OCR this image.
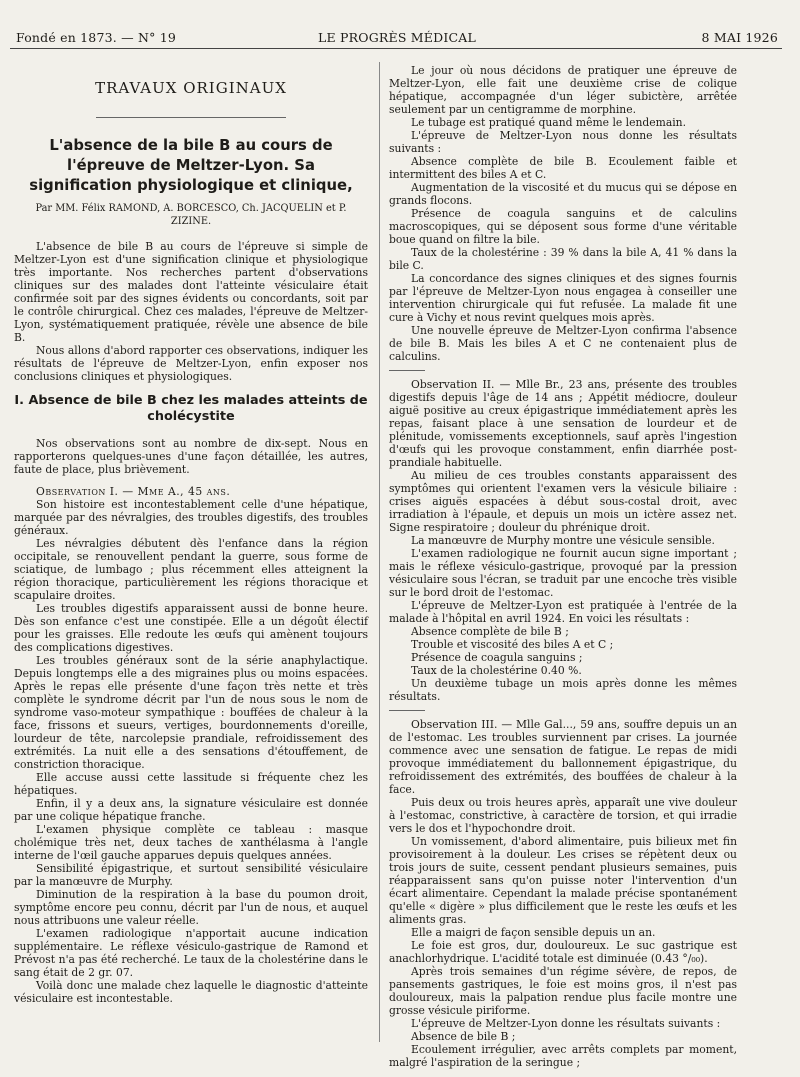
Fondé en 1873. — N° 19	LE PROGRÈS MÉDICAL	8 MAI 1926
TRAVAUX ORIGINAUX
L'absence de la bile B au cours de l'épreuve de Meltzer-Lyon. Sa signification physiologique et clinique,
Par MM. Félix RAMOND, A. BORCESCO, Ch. JACQUELIN et P. ZIZINE.

L'absence de bile B au cours de l'épreuve si simple de Meltzer-Lyon est d'une signification clinique et physiologique très importante. Nos recherches partent d'observations cliniques sur des malades dont l'atteinte vésiculaire était confirmée soit par des signes évidents ou concordants, soit par le contrôle chirurgical. Chez ces malades, l'épreuve de Meltzer-Lyon, systématiquement pratiquée, révèle une absence de bile B.

Nous allons d'abord rapporter ces observations, indiquer les résultats de l'épreuve de Meltzer-Lyon, enfin exposer nos conclusions cliniques et physiologiques.

I. Absence de bile B chez les malades atteints de cholécystite

Nos observations sont au nombre de dix-sept. Nous en rapporterons quelques-unes d'une façon détaillée, les autres, faute de place, plus brièvement.

Observation I. — Mme A., 45 ans.

Son histoire est incontestablement celle d'une hépatique, marquée par des névralgies, des troubles digestifs, des troubles généraux.

Les névralgies débutent dès l'enfance dans la région occipitale, se renouvellent pendant la guerre, sous forme de sciatique, de lumbago ; plus récemment elles atteignent la région thoracique, particulièrement les régions thoracique et scapulaire droites.

Les troubles digestifs apparaissent aussi de bonne heure. Dès son enfance c'est une constipée. Elle a un dégoût électif pour les graisses. Elle redoute les œufs qui amènent toujours des complications digestives.

Les troubles généraux sont de la série anaphylactique. Depuis longtemps elle a des migraines plus ou moins espacées. Après le repas elle présente d'une façon très nette et très complète le syndrome décrit par l'un de nous sous le nom de syndrome vaso-moteur sympathique : bouffées de chaleur à la face, frissons et sueurs, vertiges, bourdonnements d'oreille, lourdeur de tête, narcolepsie prandiale, refroidissement des extrémités. La nuit elle a des sensations d'étouffement, de constriction thoracique.

Elle accuse aussi cette lassitude si fréquente chez les hépatiques.

Enfin, il y a deux ans, la signature vésiculaire est donnée par une colique hépatique franche.

L'examen physique complète ce tableau : masque cholémique très net, deux taches de xanthélasma à l'angle interne de l'œil gauche apparues depuis quelques années.

Sensibilité épigastrique, et surtout sensibilité vésiculaire par la manœuvre de Murphy.

Diminution de la respiration à la base du poumon droit, symptôme encore peu connu, décrit par l'un de nous, et auquel nous attribuons une valeur réelle.

L'examen radiologique n'apportait aucune indication supplémentaire. Le réflexe vésiculo-gastrique de Ramond et Prévost n'a pas été recherché. Le taux de la cholestérine dans le sang était de 2 gr. 07.

Voilà donc une malade chez laquelle le diagnostic d'atteinte vésiculaire est incontestable.

Le jour où nous décidons de pratiquer une épreuve de Meltzer-Lyon, elle fait une deuxième crise de colique hépatique, accompagnée d'un léger subictère, arrêtée seulement par un centigramme de morphine.

Le tubage est pratiqué quand même le lendemain.

L'épreuve de Meltzer-Lyon nous donne les résultats suivants :

Absence complète de bile B. Ecoulement faible et intermittent des biles A et C.

Augmentation de la viscosité et du mucus qui se dépose en grands flocons.

Présence de coagula sanguins et de calculins macroscopiques, qui se déposent sous forme d'une véritable boue quand on filtre la bile.

Taux de la cholestérine : 39 % dans la bile A, 41 % dans la bile C.

La concordance des signes cliniques et des signes fournis par l'épreuve de Meltzer-Lyon nous engagea à conseiller une intervention chirurgicale qui fut refusée. La malade fit une cure à Vichy et nous revint quelques mois après.

Une nouvelle épreuve de Meltzer-Lyon confirma l'absence de bile B. Mais les biles A et C ne contenaient plus de calculins.

Observation II. — Mlle Br., 23 ans, présente des troubles digestifs depuis l'âge de 14 ans ; Appétit médiocre, douleur aiguë positive au creux épigastrique immédiatement après les repas, faisant place à une sensation de lourdeur et de plénitude, vomissements exceptionnels, sauf après l'ingestion d'œufs qui les provoque constamment, enfin diarrhée post-prandiale habituelle.

Au milieu de ces troubles constants apparaissent des symptômes qui orientent l'examen vers la vésicule biliaire : crises aiguës espacées à début sous-costal droit, avec irradiation à l'épaule, et depuis un mois un ictère assez net. Signe respiratoire ; douleur du phrénique droit.

La manœuvre de Murphy montre une vésicule sensible.

L'examen radiologique ne fournit aucun signe important ; mais le réflexe vésiculo-gastrique, provoqué par la pression vésiculaire sous l'écran, se traduit par une encoche très visible sur le bord droit de l'estomac.

L'épreuve de Meltzer-Lyon est pratiquée à l'entrée de la malade à l'hôpital en avril 1924. En voici les résultats :

Absence complète de bile B ;

Trouble et viscosité des biles A et C ;

Présence de coagula sanguins ;

Taux de la cholestérine 0.40 %.

Un deuxième tubage un mois après donne les mêmes résultats.

Observation III. — Mlle Gal..., 59 ans, souffre depuis un an de l'estomac. Les troubles surviennent par crises. La journée commence avec une sensation de fatigue. Le repas de midi provoque immédiatement du ballonnement épigastrique, du refroidissement des extrémités, des bouffées de chaleur à la face.

Puis deux ou trois heures après, apparaît une vive douleur à l'estomac, constrictive, à caractère de torsion, et qui irradie vers le dos et l'hypochondre droit.

Un vomissement, d'abord alimentaire, puis bilieux met fin provisoirement à la douleur. Les crises se répètent deux ou trois jours de suite, cessent pendant plusieurs semaines, puis réapparaissent sans qu'on puisse noter l'intervention d'un écart alimentaire. Cependant la malade précise spontanément qu'elle « digère » plus difficilement que le reste les œufs et les aliments gras.

Elle a maigri de façon sensible depuis un an.

Le foie est gros, dur, douloureux. Le suc gastrique est anachlorhydrique. L'acidité totale est diminuée (0.43 °/₀₀).

Après trois semaines d'un régime sévère, de repos, de pansements gastriques, le foie est moins gros, il n'est pas douloureux, mais la palpation rendue plus facile montre une grosse vésicule piriforme.

L'épreuve de Meltzer-Lyon donne les résultats suivants :

Absence de bile B ;

Ecoulement irrégulier, avec arrêts complets par moment, malgré l'aspiration de la seringue ;
